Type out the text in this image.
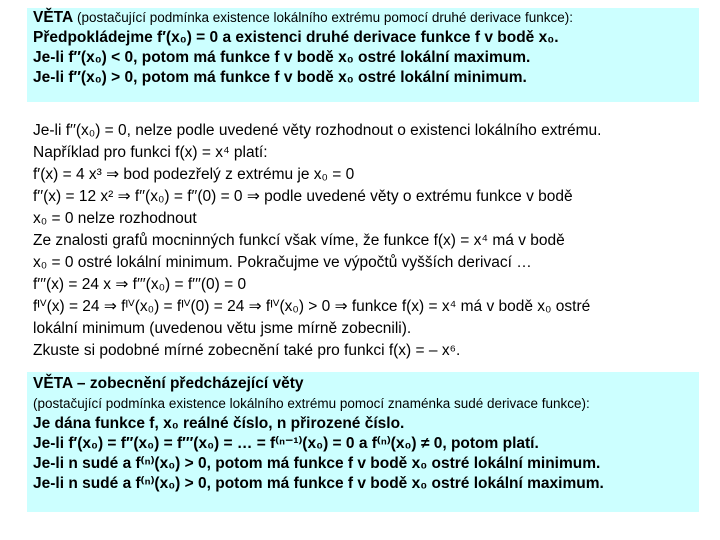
VĚTA (postačující podmínka existence lokálního extrému pomocí druhé derivace funkce):
Předpokládejme f′(x₀) = 0 a existenci druhé derivace funkce f v bodě x₀.
Je-li f′′(x₀) < 0, potom má funkce f v bodě x₀ ostré lokální maximum.
Je-li f′′(x₀) > 0, potom má funkce f v bodě x₀ ostré lokální minimum.
Je-li f′′(x₀) = 0, nelze podle uvedené věty rozhodnout o existenci lokálního extrému.
Například pro funkci f(x) = x⁴ platí:
f′(x) = 4 x³ ⇒ bod podezřelý z extrému je x₀ = 0
f′′(x) = 12 x² ⇒ f′′(x₀) = f′′(0) = 0 ⇒ podle uvedené věty o extrému funkce v bodě
x₀ = 0 nelze rozhodnout
Ze znalosti grafů mocninných funkcí však víme, že funkce f(x) = x⁴ má v bodě
x₀ = 0 ostré lokální minimum. Pokračujme ve výpočtů vyšších derivací …
f′′′(x) = 24 x ⇒ f′′′(x₀) = f′′′(0) = 0
fᴵⱽ(x) = 24 ⇒ fᴵⱽ(x₀) = fᴵⱽ(0) = 24 ⇒ fᴵⱽ(x₀) > 0 ⇒ funkce f(x) = x⁴ má v bodě x₀ ostré
lokální minimum (uvedenou větu jsme mírně zobecnili).
Zkuste si podobné mírné zobecnění také pro funkci f(x) = – x⁶.
VĚTA – zobecnění předcházející věty
(postačující podmínka existence lokálního extrému pomocí znaménka sudé derivace funkce):
Je dána funkce f, x₀ reálné číslo, n přirozené číslo.
Je-li f′(x₀) = f′′(x₀) = f′′′(x₀) = … = f⁽ⁿ⁻¹⁾(x₀) = 0 a f⁽ⁿ⁾(x₀) ≠ 0, potom platí.
Je-li n sudé a f⁽ⁿ⁾(x₀) > 0, potom má funkce f v bodě x₀ ostré lokální minimum.
Je-li n sudé a f⁽ⁿ⁾(x₀) > 0, potom má funkce f v bodě x₀ ostré lokální maximum.
